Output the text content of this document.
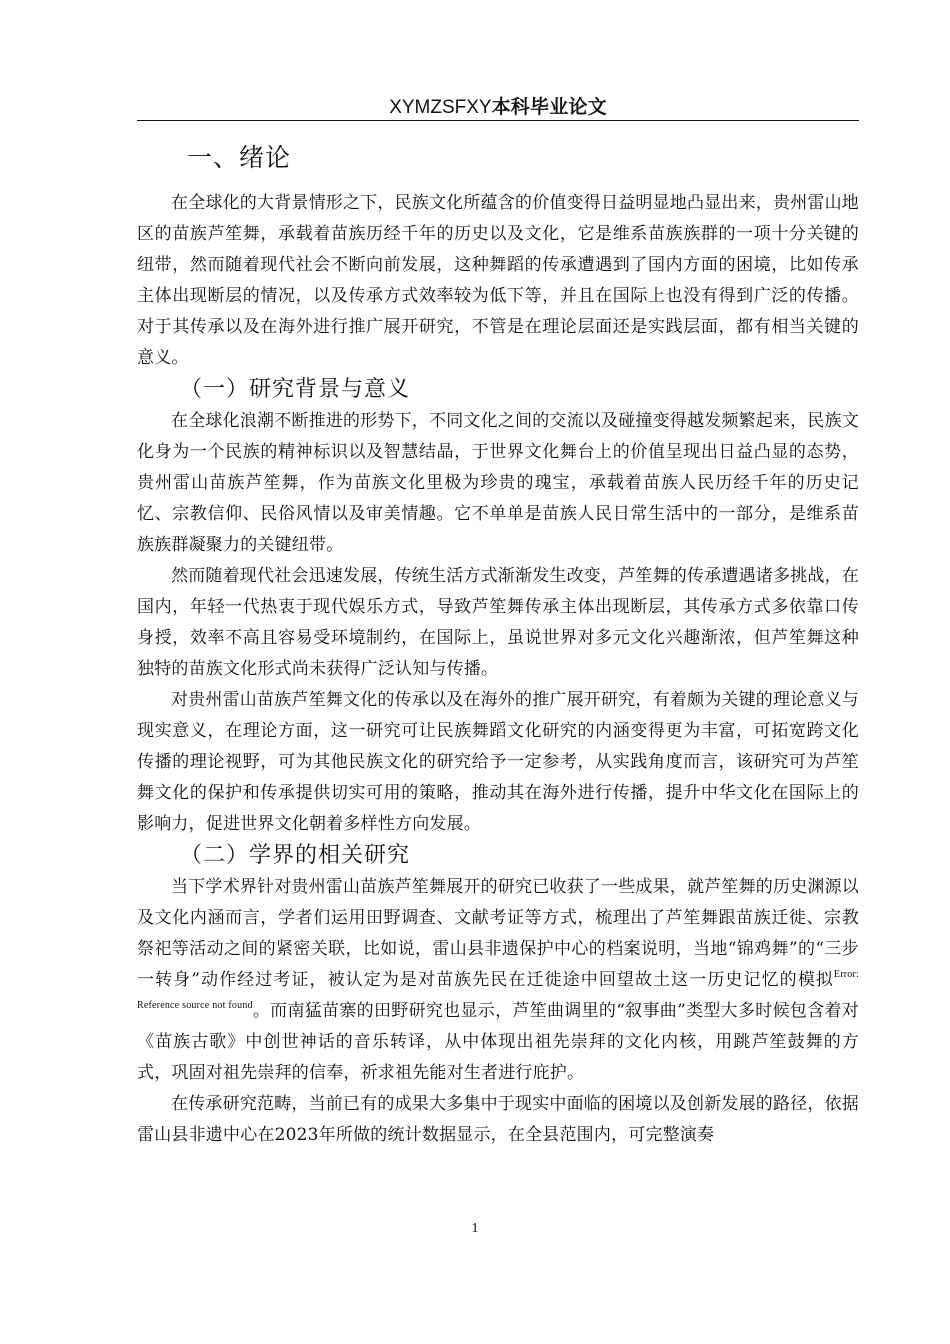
XYMZSFXY本科毕业论文
一、绪论

在全球化的大背景情形之下，民族文化所蕴含的价值变得日益明显地凸显出来，贵州雷山地区的苗族芦笙舞，承载着苗族历经千年的历史以及文化，它是维系苗族族群的一项十分关键的纽带，然而随着现代社会不断向前发展，这种舞蹈的传承遭遇到了国内方面的困境，比如传承主体出现断层的情况，以及传承方式效率较为低下等，并且在国际上也没有得到广泛的传播。对于其传承以及在海外进行推广展开研究，不管是在理论层面还是实践层面，都有相当关键的意义。

（一）研究背景与意义

在全球化浪潮不断推进的形势下，不同文化之间的交流以及碰撞变得越发频繁起来，民族文化身为一个民族的精神标识以及智慧结晶，于世界文化舞台上的价值呈现出日益凸显的态势，贵州雷山苗族芦笙舞，作为苗族文化里极为珍贵的瑰宝，承载着苗族人民历经千年的历史记忆、宗教信仰、民俗风情以及审美情趣。它不单单是苗族人民日常生活中的一部分，是维系苗族族群凝聚力的关键纽带。

然而随着现代社会迅速发展，传统生活方式渐渐发生改变，芦笙舞的传承遭遇诸多挑战，在国内，年轻一代热衷于现代娱乐方式，导致芦笙舞传承主体出现断层，其传承方式多依靠口传身授，效率不高且容易受环境制约，在国际上，虽说世界对多元文化兴趣渐浓，但芦笙舞这种独特的苗族文化形式尚未获得广泛认知与传播。

对贵州雷山苗族芦笙舞文化的传承以及在海外的推广展开研究，有着颇为关键的理论意义与现实意义，在理论方面，这一研究可让民族舞蹈文化研究的内涵变得更为丰富，可拓宽跨文化传播的理论视野，可为其他民族文化的研究给予一定参考，从实践角度而言，该研究可为芦笙舞文化的保护和传承提供切实可用的策略，推动其在海外进行传播，提升中华文化在国际上的影响力，促进世界文化朝着多样性方向发展。

（二）学界的相关研究

当下学术界针对贵州雷山苗族芦笙舞展开的研究已收获了一些成果，就芦笙舞的历史渊源以及文化内涵而言，学者们运用田野调查、文献考证等方式，梳理出了芦笙舞跟苗族迁徙、宗教祭祀等活动之间的紧密关联，比如说，雷山县非遗保护中心的档案说明，当地“锦鸡舞”的“三步一转身”动作经过考证，被认定为是对苗族先民在迁徙途中回望故土这一历史记忆的模拟$^{Error: Reference source not found}$。而南猛苗寨的田野研究也显示，芦笙曲调里的“叙事曲”类型大多时候包含着对《苗族古歌》中创世神话的音乐转译，从中体现出祖先崇拜的文化内核，用跳芦笙鼓舞的方式，巩固对祖先崇拜的信奉，祈求祖先能对生者进行庇护。

在传承研究范畴，当前已有的成果大多集中于现实中面临的困境以及创新发展的路径，依据雷山县非遗中心在2023年所做的统计数据显示，在全县范围内，可完整演奏

1
